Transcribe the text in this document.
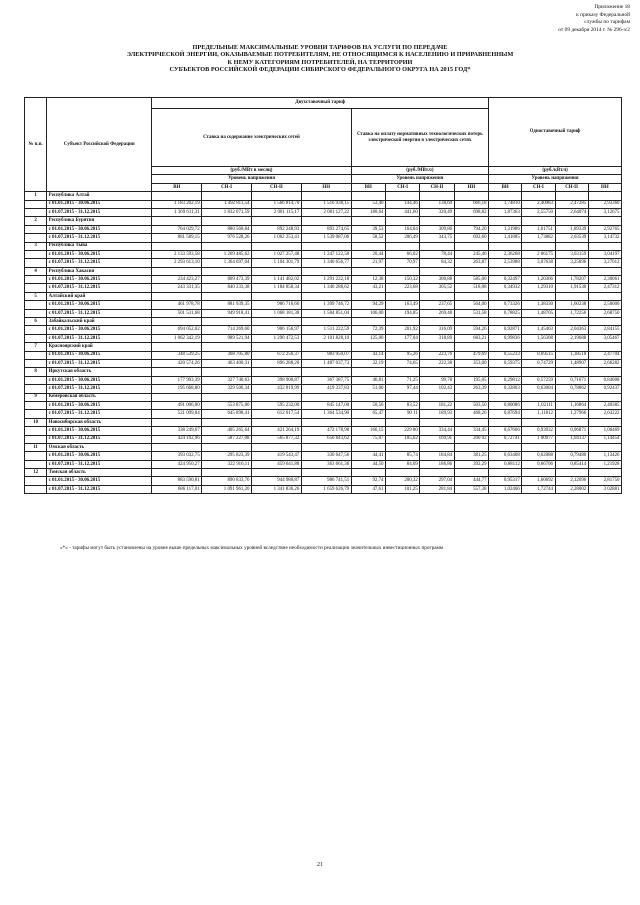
Приложение 18
к приказу Федеральной
службы по тарифам
от 09 декабря 2014 г. № 296-э/2
ПРЕДЕЛЬНЫЕ МАКСИМАЛЬНЫЕ УРОВНИ ТАРИФОВ НА УСЛУГИ ПО ПЕРЕДАЧЕ
ЭЛЕКТРИЧЕСКОЙ ЭНЕРГИИ, ОКАЗЫВАЕМЫЕ ПОТРЕБИТЕЛЯМ, НЕ ОТНОСЯЩИМСЯ К НАСЕЛЕНИЮ И ПРИРАВНЕННЫМ
К НЕМУ КАТЕГОРИЯМ ПОТРЕБИТЕЛЕЙ, НА ТЕРРИТОРИИ
СУБЪЕКТОВ РОССИЙСКОЙ ФЕДЕРАЦИИ СИБИРСКОГО ФЕДЕРАЛЬНОГО ОКРУГА НА 2015 ГОД*
№ п.п.	Субъект Российской Федерации	Двухставочный тариф								Одноставочный тариф			
		Ставка на содержание электрических сетей				Ставка на оплату нормативных технологических потерь электрической энергии в электрических сетях							
		(руб./МВт в месяц)				(руб./МВт.ч)				(руб./кВт.ч)			
		Уровень напряжения				Уровень напряжения				Уровень напряжения			
		ВН	СН-I	СН-II	НН	ВН	СН-I	СН-II	НН	ВН	СН-I	СН-II	НН
1	Республика Алтай												
	с 01.01.2015 - 30.06.2015	1 183 202,19	1 492 811,54	1 566 814,70	1 516 938,15	53,40	144,46	138,69	666,18	1,74810	2,40983	2,47285	2,93360
	с 01.07.2015 - 31.12.2015	1 369 611,31	1 832 071,59	2 001 115,17	2 081 127,22	180,64	441,60	320,49	698,82	1,87363	2,55750	2,64074	3,12675
2	Республика Бурятия												
	с 01.01.2015 - 30.06.2015	764 029,72	880 560,84	892 248,93	893 274,65	39,53	164,04	309,86	794,20	1,31986	1,61751	1,89339	2,92765
	с 01.07.2015 - 31.12.2015	881 589,15	976 528,26	1 062 253,41	1 539 087,06	58,52	206,49	343,75	692,60	1,41885	1,73882	2,03539	3,14732
3	Республика Тыва												
	с 01.01.2015 - 30.06.2015	2 133 593,58	1 269 485,62	1 027 257,48	1 247 122,58	20,44	66,02	78,44	245,46	2,36268	2 86175	3,03159	3,04197
	с 01.07.2015 - 31.12.2015	2 293 613,10	1 364 697,04	1 104 301,79	1 340 656,77	21,97	70,97	84,32	263,87	2,53988	3,07638	3,25896	3,27012
4	Республика Хакасия												
	с 01.01.2015 - 30.06.2015	234 423,27	809 473,39	1 141 482,02	1 291 222,18	12,38	150,32	300,88	585,00	0,32497	1,20366	1,78207	2,30061
	с 01.07.2015 - 31.12.2015	243 331,35	840 233,38	1 184 858,34	1 340 288,62	43,21	223,68	305,52	518,08	0,34932	1,29310	1,91530	2,47312
5	Алтайский край												
	с 01.01.2015 - 30.06.2015	461 978,78	881 939,35	986 716,66	1 399 746,72	94,29	163,49	237,65	564,00	0,73326	1,38330	1,60238	2,50000
	с 01.07.2015 - 31.12.2015	501 531,68	949 918,41	1 068 181,38	1 584 851,04	106,00	194,85	269,48	531,58	0,78825	1,48705	1,72256	2,68750
6	Забайкальский край												
	с 01.01.2015 - 30.06.2015	694 052,02	714 269,60	906 156,97	1 511 222,59	72,39	201,92	316,09	594,26	0,92871	1,45403	2,04363	2,84155
	с 01.07.2015 - 31.12.2015	1 062 342,19	989 521,94	1 290 472,53	2 101 828,10	125,00	177,04	318,89	683,21	0,99836	1,56308	2,19688	3,05467
7	Красноярский край												
	с 01.01.2015 - 30.06.2015	348 539,25	368 705,80	672 256,37	983 950,07	43,14	95,26	223,76	479,69	0,55233	0,69515	1,38518	2,47704
	с 01.07.2015 - 31.12.2015	420 574,26	463 400,31	896 288,20	1 487 037,73	32,19	74,65	222,38	353,00	0,59375	0,74729	1,48907	2,66282
8	Иркутская область												
	с 01.01.2015 - 30.06.2015	177 993,39	327 740,63	398 900,87	367 387,75	46,81	71,25	99,78	195,05	0,29812	0,57259	0,71671	0,84008
	с 01.07.2015 - 31.12.2015	195 668,80	329 506,34	432 819,99	419 337,83	51,00	97,44	102,43	263,39	0,32803	0,63004	0,78862	0,92437
9	Кемеровская область												
	с 01.01.2015 - 30.06.2015	491 006,00	553 875,00	595 232,00	845 147,00	50,56	83,52	181,22	503,50	0,80086	1,02111	1,16864	2,40385
	с 01.07.2015 - 31.12.2015	521 099,04	645 898,41	612 017,54	1 364 534,90	65,47	90 11	189,93	468,26	0,87694	1,11812	1,27966	2,63222
10	Новосибирская область												
	с 01.01.2015 - 30.06.2015	338 249,67	405 265,64	421 264,19	472 178,98	166,15	229 80	334,44	334,45	0,67666	0,93932	0,96871	1,06469
	с 01.07.2015 - 31.12.2015	424 102,96	587 227,08	565 877,32	656 843,62	75,07	105,62	169,91	200 02	0,72741	1 00977	1,04137	1,14454
11	Омская область												
	с 01.01.2015 - 30.06.2015	393 032,75	295 823,39	419 543,47	330 647,56	44,41	85,74	184,84	381,25	0,63408	0,62088	0,79480	1,13426
	с 01.07.2015 - 31.12.2015	424 950,27	322 916,11	459 641,88	363 661,36	44,50	84,09	186,86	392,29	0,68112	0,66706	0,85414	1,21928
12	Томская область												
	с 01.01.2015 - 30.06.2015	883 590,81	890 833,76	944 980,87	986 741,51	92,74	200,32	297,04	444,77	0,95317	1,60692	2,12096	2,81750
	с 01.07.2015 - 31.12.2015	686 117,01	1 091 961,20	1 341 836,26	1 659 626,79	47,61	101,25	281,84	557,38	1,02466	1,72744	2,28002	3 02881
«*» - тарифы могут быть установлены на уровне выше предельных максимальных уровней вследствие необходимости реализации значительных инвестиционных программ
21
